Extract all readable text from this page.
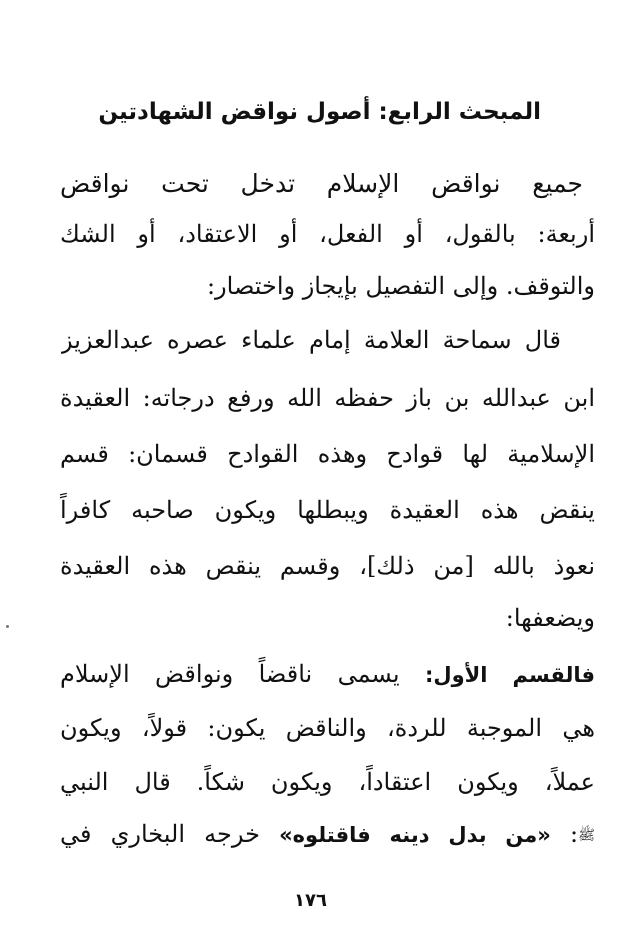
المبحث الرابع: أصول نواقض الشهادتين
جميع نواقض الإسلام تدخل تحت نواقض
أربعة: بالقول، أو الفعل، أو الاعتقاد، أو الشك
والتوقف. وإلى التفصيل بإيجاز واختصار:
قال سماحة العلامة إمام علماء عصره عبدالعزيز
ابن عبدالله بن باز حفظه الله ورفع درجاته: العقيدة
الإسلامية لها قوادح وهذه القوادح قسمان: قسم
ينقض هذه العقيدة ويبطلها ويكون صاحبه كافراً
نعوذ بالله [من ذلك]، وقسم ينقص هذه العقيدة
ويضعفها:
فالقسم الأول: يسمى ناقضاً ونواقض الإسلام
هي الموجبة للردة، والناقض يكون: قولاً، ويكون
عملاً، ويكون اعتقاداً، ويكون شكاً. قال النبي
ﷺ: «من بدل دينه فاقتلوه» خرجه البخاري في
١٧٦
